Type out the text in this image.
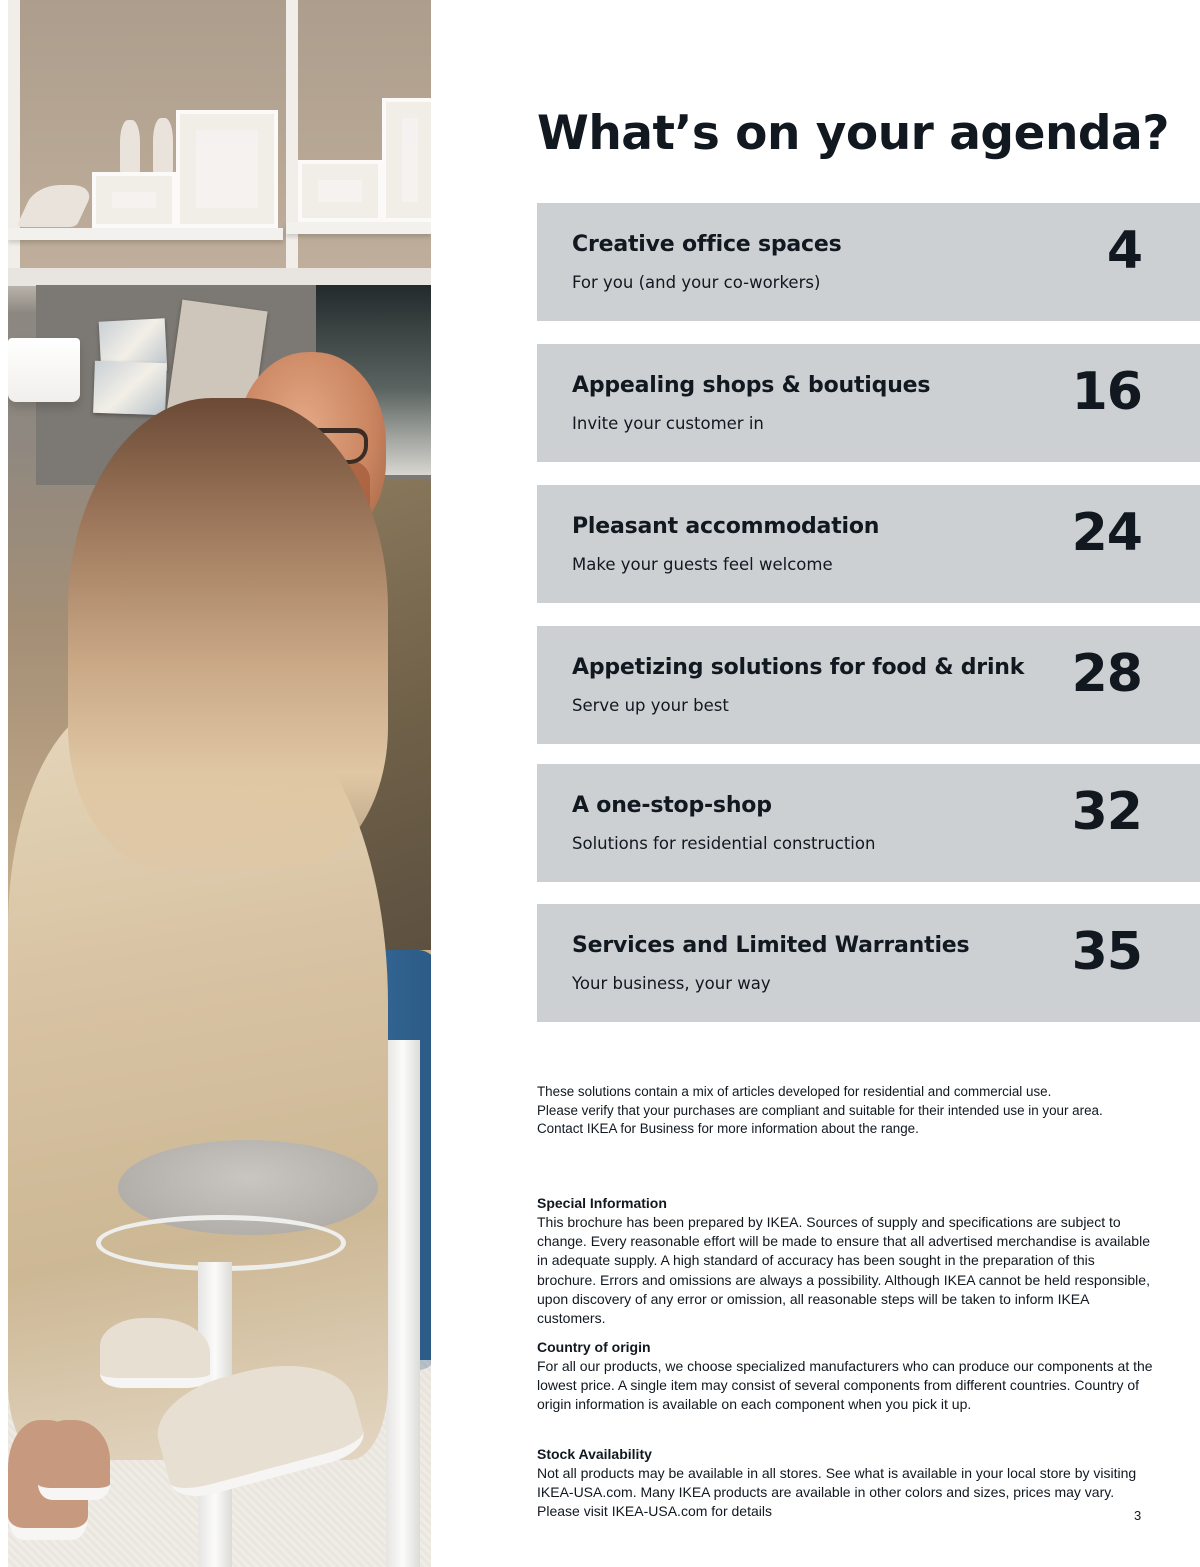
What’s on your agenda?
Creative office spaces
For you (and your co-workers)
4
Appealing shops & boutiques
Invite your customer in
16
Pleasant accommodation
Make your guests feel welcome
24
Appetizing solutions for food & drink
Serve up your best
28
A one-stop-shop
Solutions for residential construction
32
Services and Limited Warranties
Your business, your way
35
These solutions contain a mix of articles developed for residential and commercial use.
Please verify that your purchases are compliant and suitable for their intended use in your area.
Contact IKEA for Business for more information about the range.
Special Information

This brochure has been prepared by IKEA. Sources of supply and specifications are subject to change. Every reasonable effort will be made to ensure that all advertised merchandise is available in adequate supply. A high standard of accuracy has been sought in the preparation of this brochure. Errors and omissions are always a possibility. Although IKEA cannot be held responsible, upon discovery of any error or omission, all reasonable steps will be taken to inform IKEA customers.

Country of origin

For all our products, we choose specialized manufacturers who can produce our components at the lowest price. A single item may consist of several components from different countries. Country of origin information is available on each component when you pick it up.

Stock Availability

Not all products may be available in all stores. See what is available in your local store by visiting IKEA-USA.com. Many IKEA products are available in other colors and sizes, prices may vary. Please visit IKEA-USA.com for details	3
